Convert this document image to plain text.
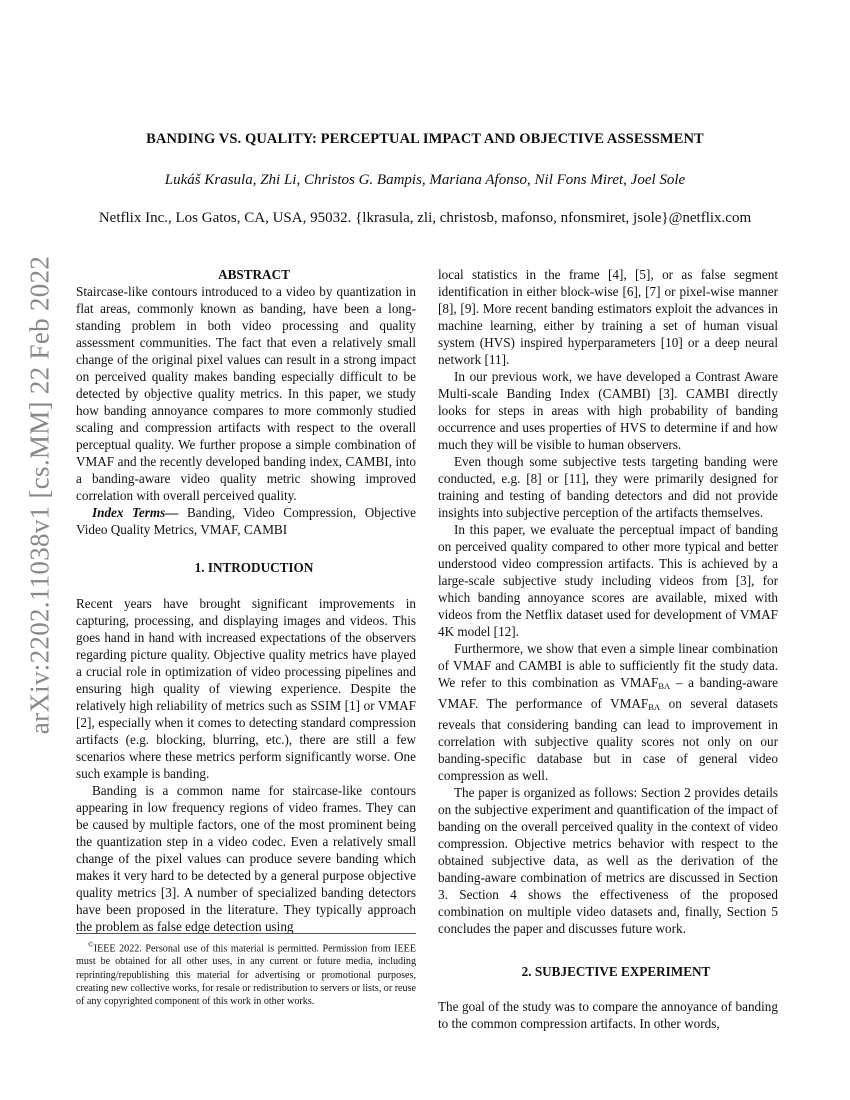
arXiv:2202.11038v1 [cs.MM] 22 Feb 2022
BANDING VS. QUALITY: PERCEPTUAL IMPACT AND OBJECTIVE ASSESSMENT
Lukáš Krasula, Zhi Li, Christos G. Bampis, Mariana Afonso, Nil Fons Miret, Joel Sole
Netflix Inc., Los Gatos, CA, USA, 95032. {lkrasula, zli, christosb, mafonso, nfonsmiret, jsole}@netflix.com

ABSTRACT

Staircase-like contours introduced to a video by quantization in flat areas, commonly known as banding, have been a long-standing problem in both video processing and quality assessment communities. The fact that even a relatively small change of the original pixel values can result in a strong impact on perceived quality makes banding especially difficult to be detected by objective quality metrics. In this paper, we study how banding annoyance compares to more commonly studied scaling and compression artifacts with respect to the overall perceptual quality. We further propose a simple combination of VMAF and the recently developed banding index, CAMBI, into a banding-aware video quality metric showing improved correlation with overall perceived quality.

Index Terms— Banding, Video Compression, Objective Video Quality Metrics, VMAF, CAMBI

1. INTRODUCTION

Recent years have brought significant improvements in capturing, processing, and displaying images and videos. This goes hand in hand with increased expectations of the observers regarding picture quality. Objective quality metrics have played a crucial role in optimization of video processing pipelines and ensuring high quality of viewing experience. Despite the relatively high reliability of metrics such as SSIM [1] or VMAF [2], especially when it comes to detecting standard compression artifacts (e.g. blocking, blurring, etc.), there are still a few scenarios where these metrics perform significantly worse. One such example is banding.

Banding is a common name for staircase-like contours appearing in low frequency regions of video frames. They can be caused by multiple factors, one of the most prominent being the quantization step in a video codec. Even a relatively small change of the pixel values can produce severe banding which makes it very hard to be detected by a general purpose objective quality metrics [3]. A number of specialized banding detectors have been proposed in the literature. They typically approach the problem as false edge detection using

©IEEE 2022. Personal use of this material is permitted. Permission from IEEE must be obtained for all other uses, in any current or future media, including reprinting/republishing this material for advertising or promotional purposes, creating new collective works, for resale or redistribution to servers or lists, or reuse of any copyrighted component of this work in other works.

local statistics in the frame [4], [5], or as false segment identification in either block-wise [6], [7] or pixel-wise manner [8], [9]. More recent banding estimators exploit the advances in machine learning, either by training a set of human visual system (HVS) inspired hyperparameters [10] or a deep neural network [11].

In our previous work, we have developed a Contrast Aware Multi-scale Banding Index (CAMBI) [3]. CAMBI directly looks for steps in areas with high probability of banding occurrence and uses properties of HVS to determine if and how much they will be visible to human observers.

Even though some subjective tests targeting banding were conducted, e.g. [8] or [11], they were primarily designed for training and testing of banding detectors and did not provide insights into subjective perception of the artifacts themselves.

In this paper, we evaluate the perceptual impact of banding on perceived quality compared to other more typical and better understood video compression artifacts. This is achieved by a large-scale subjective study including videos from [3], for which banding annoyance scores are available, mixed with videos from the Netflix dataset used for development of VMAF 4K model [12].

Furthermore, we show that even a simple linear combination of VMAF and CAMBI is able to sufficiently fit the study data. We refer to this combination as $VMAF_{BA}$ – a banding-aware VMAF. The performance of $VMAF_{BA}$ on several datasets reveals that considering banding can lead to improvement in correlation with subjective quality scores not only on our banding-specific database but in case of general video compression as well.

The paper is organized as follows: Section 2 provides details on the subjective experiment and quantification of the impact of banding on the overall perceived quality in the context of video compression. Objective metrics behavior with respect to the obtained subjective data, as well as the derivation of the banding-aware combination of metrics are discussed in Section 3. Section 4 shows the effectiveness of the proposed combination on multiple video datasets and, finally, Section 5 concludes the paper and discusses future work.

2. SUBJECTIVE EXPERIMENT

The goal of the study was to compare the annoyance of banding to the common compression artifacts. In other words,
